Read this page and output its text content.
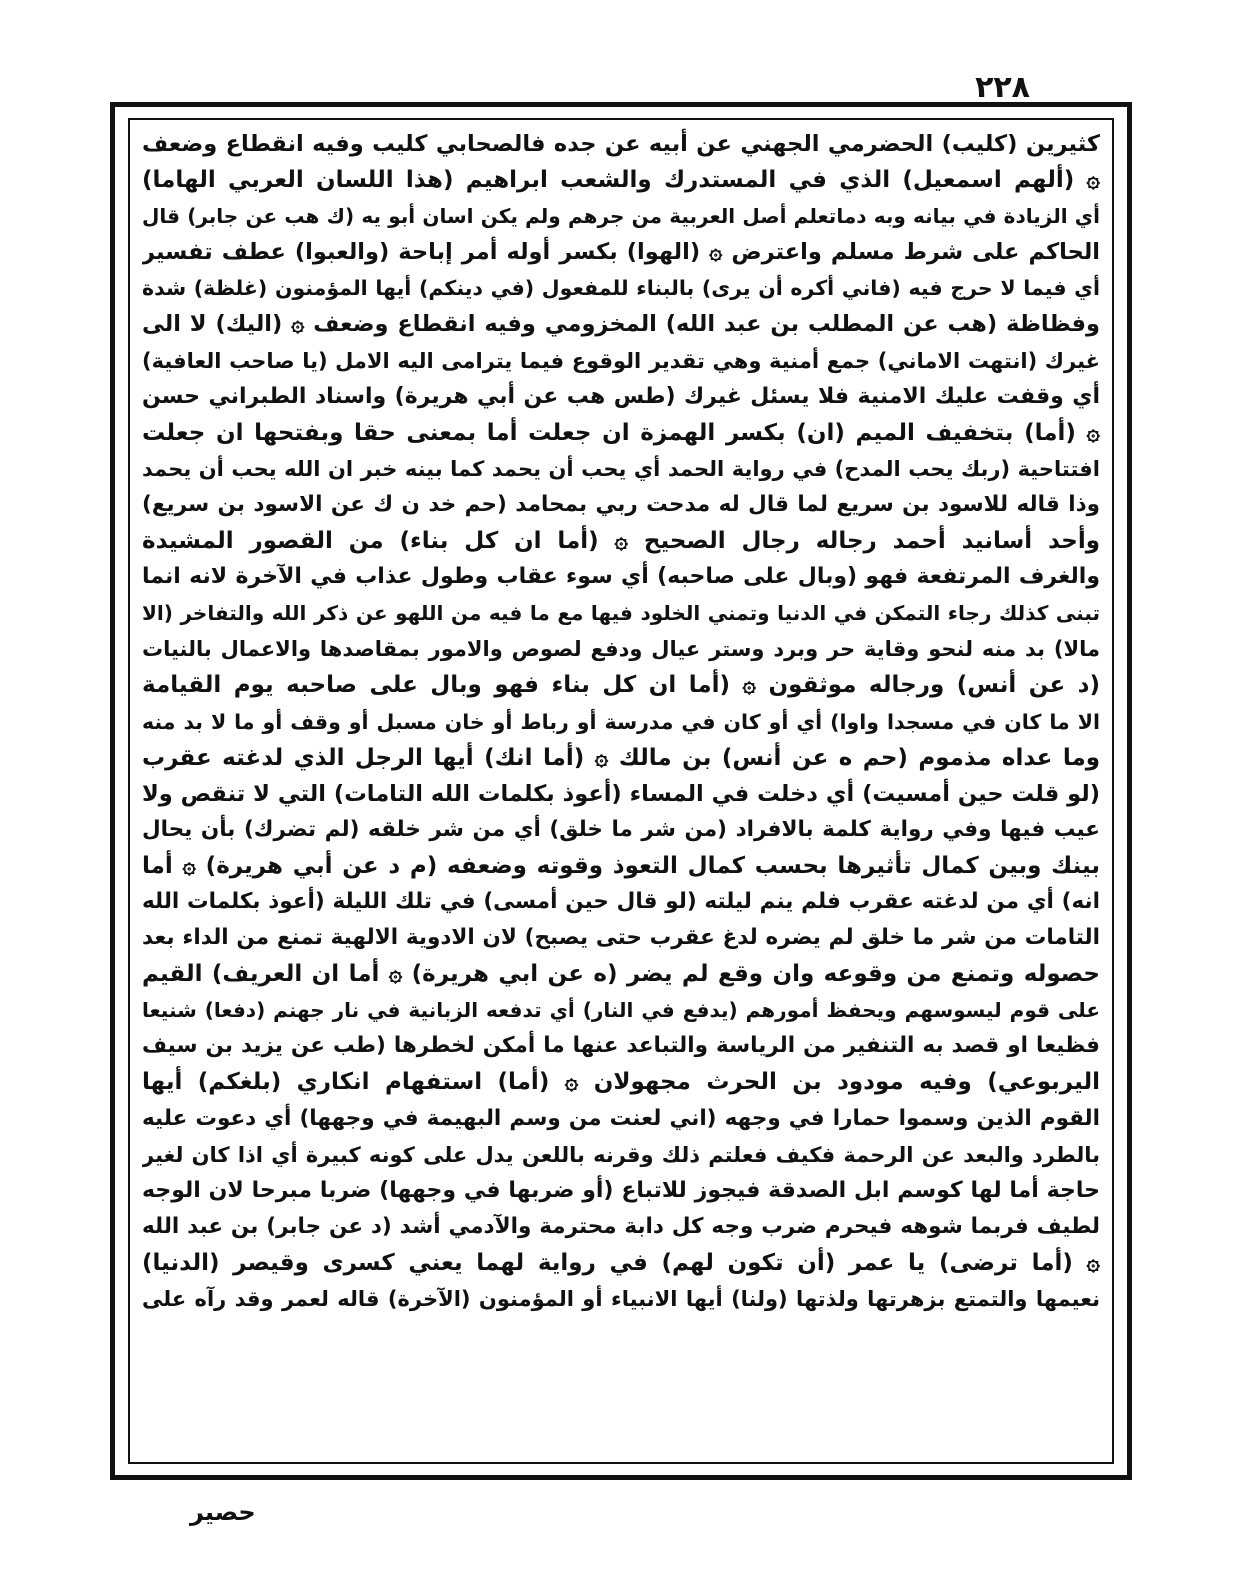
٢٢٨
كثيرين (كليب) الحضرمي الجهني عن أبيه عن جده فالصحابي كليب وفيه انقطاع وضعف
۞ (ألهم اسمعيل) الذي في المستدرك والشعب ابراهيم (هذا اللسان العربي الهاما)
أي الزيادة في بيانه وبه دماتعلم أصل العربية من جرهم ولم يكن اسان أبو يه (ك هب عن جابر) قال
الحاكم على شرط مسلم واعترض ۞ (الهوا) بكسر أوله أمر إباحة (والعبوا) عطف تفسير
أي فيما لا حرج فيه (فاني أكره أن يرى) بالبناء للمفعول (في دينكم) أيها المؤمنون (غلظة) شدة
وفظاظة (هب عن المطلب بن عبد الله) المخزومي وفيه انقطاع وضعف ۞ (اليك) لا الى
غيرك (انتهت الاماني) جمع أمنية وهي تقدير الوقوع فيما يترامى اليه الامل (يا صاحب العافية)
أي وقفت عليك الامنية فلا يسئل غيرك (طس هب عن أبي هريرة) واسناد الطبراني حسن
۞ (أما) بتخفيف الميم (ان) بكسر الهمزة ان جعلت أما بمعنى حقا وبفتحها ان جعلت
افتتاحية (ربك يحب المدح) في رواية الحمد أي يحب أن يحمد كما بينه خبر ان الله يحب أن يحمد
وذا قاله للاسود بن سريع لما قال له مدحت ربي بمحامد (حم خد ن ك عن الاسود بن سريع)
وأحد أسانيد أحمد رجاله رجال الصحيح ۞ (أما ان كل بناء) من القصور المشيدة
والغرف المرتفعة فهو (وبال على صاحبه) أي سوء عقاب وطول عذاب في الآخرة لانه انما
تبنى كذلك رجاء التمكن في الدنيا وتمني الخلود فيها مع ما فيه من اللهو عن ذكر الله والتفاخر (الا
مالا) بد منه لنحو وقاية حر وبرد وستر عيال ودفع لصوص والامور بمقاصدها والاعمال بالنيات
(د عن أنس) ورجاله موثقون ۞ (أما ان كل بناء فهو وبال على صاحبه يوم القيامة
الا ما كان في مسجدا واوا) أي أو كان في مدرسة أو رباط أو خان مسبل أو وقف أو ما لا بد منه
وما عداه مذموم (حم ه عن أنس) بن مالك ۞ (أما انك) أيها الرجل الذي لدغته عقرب
(لو قلت حين أمسيت) أي دخلت في المساء (أعوذ بكلمات الله التامات) التي لا تنقص ولا
عيب فيها وفي رواية كلمة بالافراد (من شر ما خلق) أي من شر خلقه (لم تضرك) بأن يحال
بينك وبين كمال تأثيرها بحسب كمال التعوذ وقوته وضعفه (م د عن أبي هريرة) ۞ أما
انه) أي من لدغته عقرب فلم ينم ليلته (لو قال حين أمسى) في تلك الليلة (أعوذ بكلمات الله
التامات من شر ما خلق لم يضره لدغ عقرب حتى يصبح) لان الادوية الالهية تمنع من الداء بعد
حصوله وتمنع من وقوعه وان وقع لم يضر (ه عن ابي هريرة) ۞ أما ان العريف) القيم
على قوم ليسوسهم ويحفظ أمورهم (يدفع في النار) أي تدفعه الزبانية في نار جهنم (دفعا) شنيعا
فظيعا او قصد به التنفير من الرياسة والتباعد عنها ما أمكن لخطرها (طب عن يزيد بن سيف
اليربوعي) وفيه مودود بن الحرث مجهولان ۞ (أما) استفهام انكاري (بلغكم) أيها
القوم الذين وسموا حمارا في وجهه (اني لعنت من وسم البهيمة في وجهها) أي دعوت عليه
بالطرد والبعد عن الرحمة فكيف فعلتم ذلك وقرنه باللعن يدل على كونه كبيرة أي اذا كان لغير
حاجة أما لها كوسم ابل الصدقة فيجوز للاتباع (أو ضربها في وجهها) ضربا مبرحا لان الوجه
لطيف فربما شوهه فيحرم ضرب وجه كل دابة محترمة والآدمي أشد (د عن جابر) بن عبد الله
۞ (أما ترضى) يا عمر (أن تكون لهم) في رواية لهما يعني كسرى وقيصر (الدنيا)
نعيمها والتمتع بزهرتها ولذتها (ولنا) أيها الانبياء أو المؤمنون (الآخرة) قاله لعمر وقد رآه على
حصير
